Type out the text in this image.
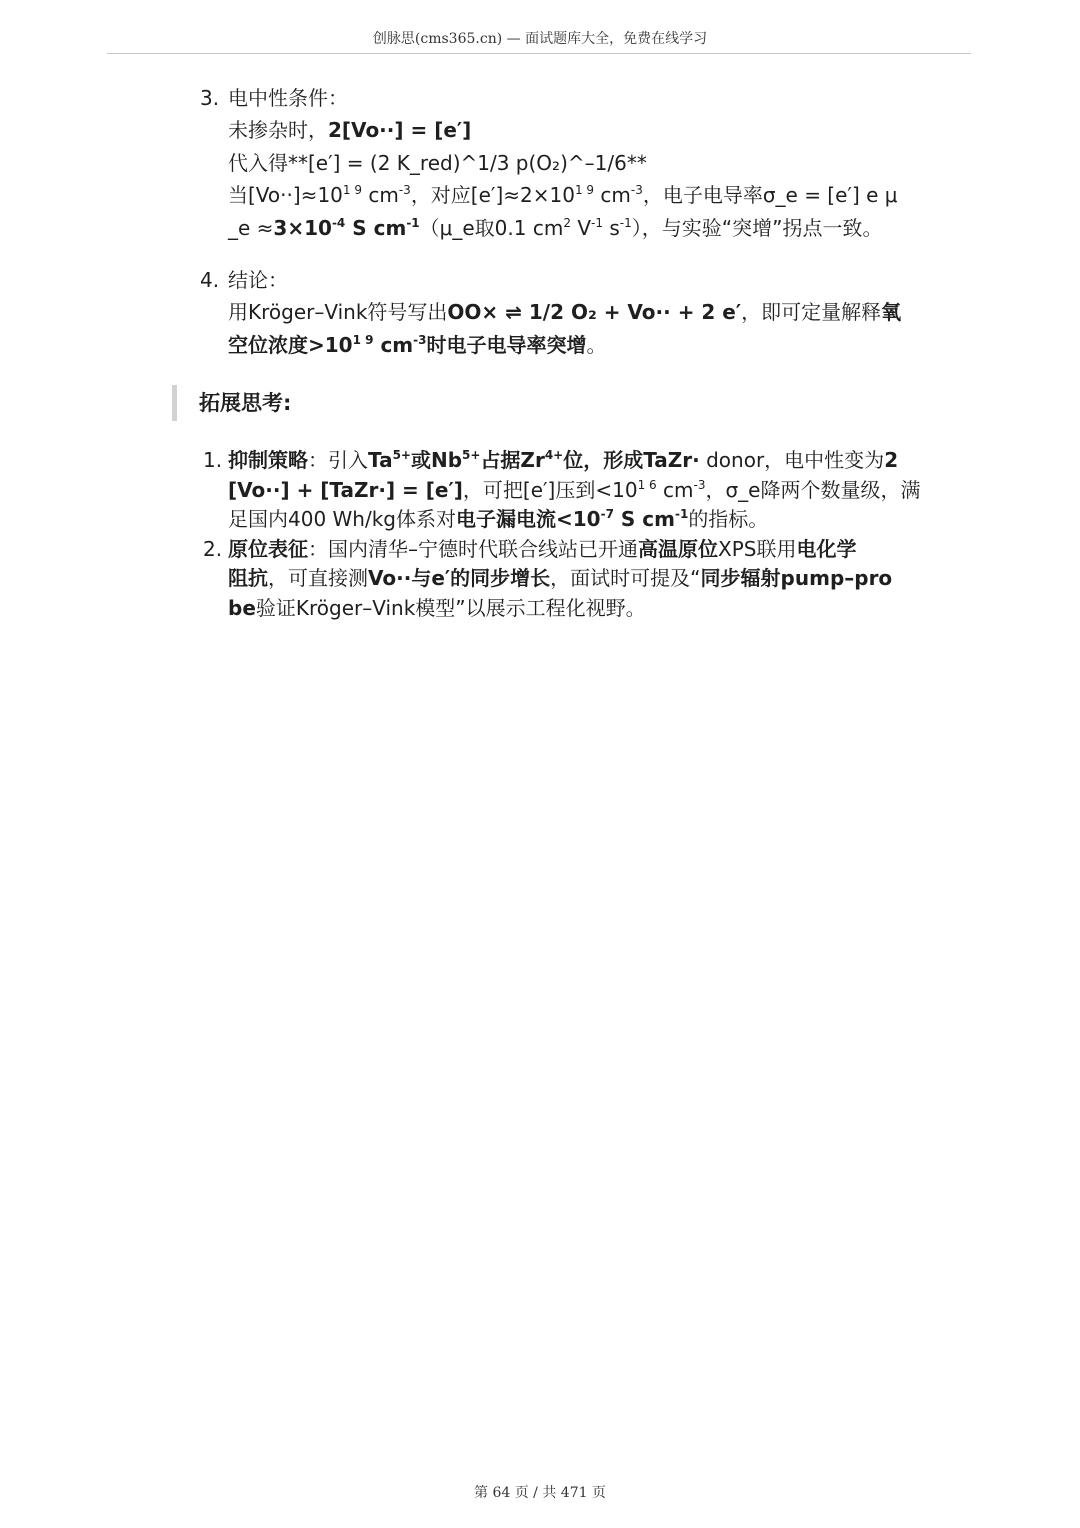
创脉思(cms365.cn) — 面试题库大全，免费在线学习
3. 电中性条件：
未掺杂时，2[Vo··] = [e′]
代入得**[e′] = (2 K_red)^1/3 p(O₂)^–1/6**
当$[Vo\cdot\cdot]\approx 10^{1 9}$ $cm^{-3}$，对应$[e']\approx 2\times 10^{1 9}$ $cm^{-3}$，电子电导率σ_e = [e′] e μ
_e $\approx 3\times 10^{-4}$ S $cm^{-1}(\mu\_e$取0.1 $cm^2$ $V^{-1}$ $s^{-1}$），与实验“突增”拐点一致。
4. 结论：
用Kröger–Vink符号写出OO× ⇌ 1/2 O₂ + Vo·· + 2 e′，即可定量解释氧
空位浓度$>10^{1 9}$ $cm^{-3}$时电子电导率突增。
拓展思考:
1. 抑制策略：引入$Ta^{5+}$或$Nb^{5+}$占据$Zr^{4+}$位，形成TaZr· donor，电中性变为2
[Vo··] + [TaZr·] = [e′]，可把[e′]压到$<10^{1 6}$ $cm^{-3}$，σ_e降两个数量级，满
足国内400 Wh/kg体系对电子漏电流$<10^{-7}$ S $cm^{-1}$的指标。
2. 原位表征：国内清华–宁德时代联合线站已开通高温原位XPS联用电化学
阻抗，可直接测Vo··与e′的同步增长，面试时可提及“同步辐射pump–pro
be验证Kröger–Vink模型”以展示工程化视野。
第 64 页 / 共 471 页
